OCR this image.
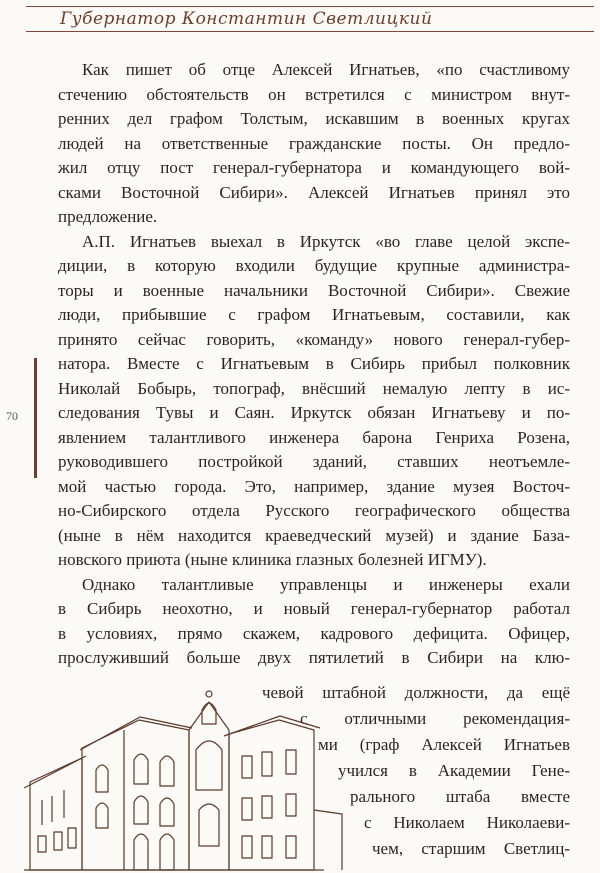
Губернатор Константин Светлицкий
70
Как пишет об отце Алексей Игнатьев, «по счастливому
стечению обстоятельств он встретился с министром внут-
ренних дел графом Толстым, искавшим в военных кругах
людей на ответственные гражданские посты. Он предло-
жил отцу пост генерал-губернатора и командующего вой-
сками Восточной Сибири». Алексей Игнатьев принял это
предложение.
А.П. Игнатьев выехал в Иркутск «во главе целой экспе-
диции, в которую входили будущие крупные администра-
торы и военные начальники Восточной Сибири». Свежие
люди, прибывшие с графом Игнатьевым, составили, как
принято сейчас говорить, «команду» нового генерал-губер-
натора. Вместе с Игнатьевым в Сибирь прибыл полковник
Николай Бобырь, топограф, внёсший немалую лепту в ис-
следования Тувы и Саян. Иркутск обязан Игнатьеву и по-
явлением талантливого инженера барона Генриха Розена,
руководившего постройкой зданий, ставших неотъемле-
мой частью города. Это, например, здание музея Восточ-
но-Сибирского отдела Русского географического общества
(ныне в нём находится краеведческий музей) и здание База-
новского приюта (ныне клиника глазных болезней ИГМУ).
Однако талантливые управленцы и инженеры ехали
в Сибирь неохотно, и новый генерал-губернатор работал
в условиях, прямо скажем, кадрового дефицита. Офицер,
прослуживший больше двух пятилетий в Сибири на клю-
чевой штабной должности, да ещё
с отличными рекомендация-
ми (граф Алексей Игнатьев
учился в Академии Гене-
рального штаба вместе
с Николаем Николаеви-
чем, старшим Светлиц-
